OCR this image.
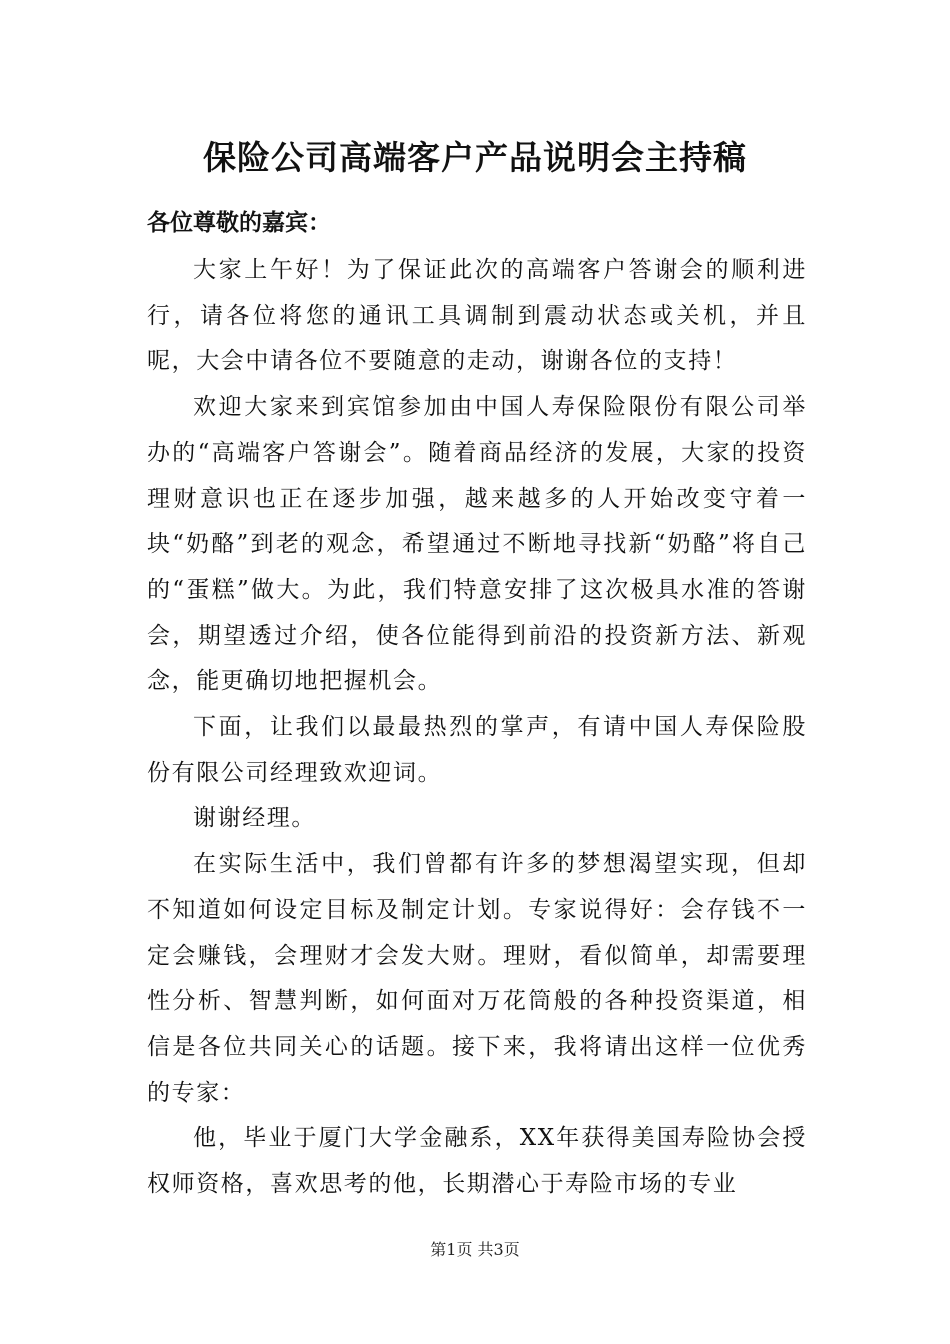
保险公司高端客户产品说明会主持稿
各位尊敬的嘉宾：

大家上午好！为了保证此次的高端客户答谢会的顺利进行，请各位将您的通讯工具调制到震动状态或关机，并且呢，大会中请各位不要随意的走动，谢谢各位的支持！

欢迎大家来到宾馆参加由中国人寿保险限份有限公司举办的“高端客户答谢会”。随着商品经济的发展，大家的投资理财意识也正在逐步加强，越来越多的人开始改变守着一块“奶酪”到老的观念，希望通过不断地寻找新“奶酪”将自己的“蛋糕”做大。为此，我们特意安排了这次极具水准的答谢会，期望透过介绍，使各位能得到前沿的投资新方法、新观念，能更确切地把握机会。

下面，让我们以最最热烈的掌声，有请中国人寿保险股份有限公司经理致欢迎词。

谢谢经理。

在实际生活中，我们曾都有许多的梦想渴望实现，但却不知道如何设定目标及制定计划。专家说得好：会存钱不一定会赚钱，会理财才会发大财。理财，看似简单，却需要理性分析、智慧判断，如何面对万花筒般的各种投资渠道，相信是各位共同关心的话题。接下来，我将请出这样一位优秀的专家：

他，毕业于厦门大学金融系，XX年获得美国寿险协会授权师资格，喜欢思考的他，长期潜心于寿险市场的专业

第1页 共3页
